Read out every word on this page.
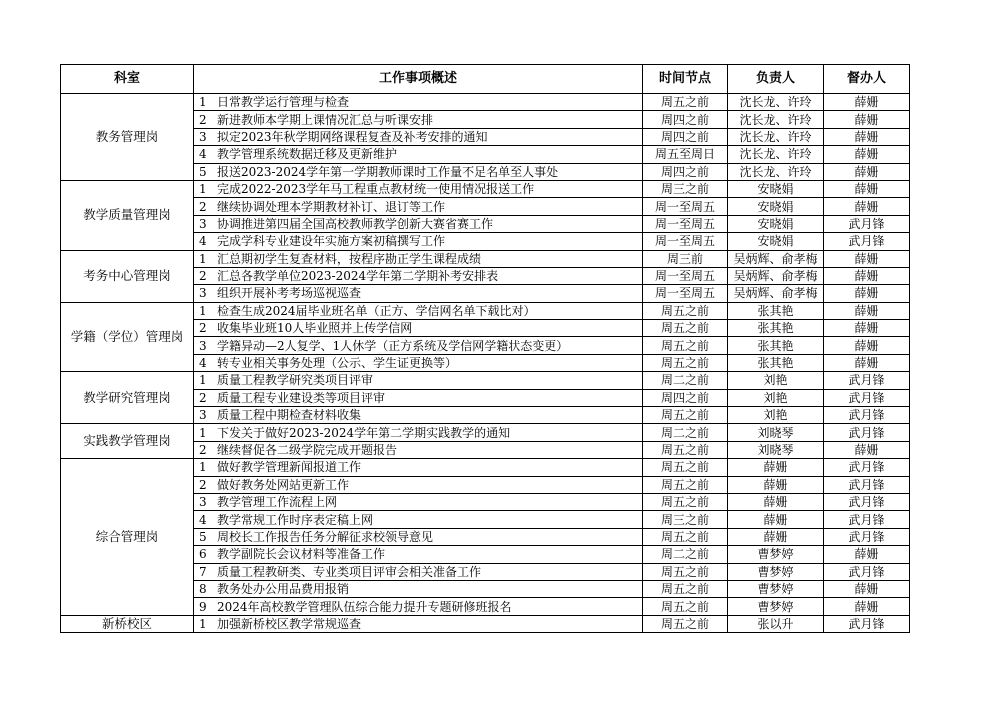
科室	工作事项概述	时间节点	负责人	督办人
教务管理岗	1 日常教学运行管理与检查	周五之前	沈长龙、许玲	薛姗
	2 新进教师本学期上课情况汇总与听课安排	周四之前	沈长龙、许玲	薛姗
	3 拟定2023年秋学期网络课程复查及补考安排的通知	周四之前	沈长龙、许玲	薛姗
	4 教学管理系统数据迁移及更新维护	周五至周日	沈长龙、许玲	薛姗
	5 报送2023-2024学年第一学期教师课时工作量不足名单至人事处	周四之前	沈长龙、许玲	薛姗
教学质量管理岗	1 完成2022-2023学年马工程重点教材统一使用情况报送工作	周三之前	安晓娟	薛姗
	2 继续协调处理本学期教材补订、退订等工作	周一至周五	安晓娟	薛姗
	3 协调推进第四届全国高校教师教学创新大赛省赛工作	周一至周五	安晓娟	武月锋
	4 完成学科专业建设年实施方案初稿撰写工作	周一至周五	安晓娟	武月锋
考务中心管理岗	1 汇总期初学生复查材料，按程序勘正学生课程成绩	周三前	吴炳辉、俞孝梅	薛姗
	2 汇总各教学单位2023-2024学年第二学期补考安排表	周一至周五	吴炳辉、俞孝梅	薛姗
	3 组织开展补考考场巡视巡查	周一至周五	吴炳辉、俞孝梅	薛姗
学籍（学位）管理岗	1 检查生成2024届毕业班名单（正方、学信网名单下载比对）	周五之前	张其艳	薛姗
	2 收集毕业班10人毕业照并上传学信网	周五之前	张其艳	薛姗
	3 学籍异动—2人复学、1人休学（正方系统及学信网学籍状态变更）	周五之前	张其艳	薛姗
	4 转专业相关事务处理（公示、学生证更换等）	周五之前	张其艳	薛姗
教学研究管理岗	1 质量工程教学研究类项目评审	周二之前	刘艳	武月锋
	2 质量工程专业建设类等项目评审	周四之前	刘艳	武月锋
	3 质量工程中期检查材料收集	周五之前	刘艳	武月锋
实践教学管理岗	1 下发关于做好2023-2024学年第二学期实践教学的通知	周二之前	刘晓琴	武月锋
	2 继续督促各二级学院完成开题报告	周五之前	刘晓琴	薛姗
综合管理岗	1 做好教学管理新闻报道工作	周五之前	薛姗	武月锋
	2 做好教务处网站更新工作	周五之前	薛姗	武月锋
	3 教学管理工作流程上网	周五之前	薛姗	武月锋
	4 教学常规工作时序表定稿上网	周三之前	薛姗	武月锋
	5 周校长工作报告任务分解征求校领导意见	周五之前	薛姗	武月锋
	6 教学副院长会议材料等准备工作	周二之前	曹梦婷	薛姗
	7 质量工程教研类、专业类项目评审会相关准备工作	周五之前	曹梦婷	武月锋
	8 教务处办公用品费用报销	周五之前	曹梦婷	薛姗
	9 2024年高校教学管理队伍综合能力提升专题研修班报名	周五之前	曹梦婷	薛姗
新桥校区	1 加强新桥校区教学常规巡查	周五之前	张以升	武月锋
